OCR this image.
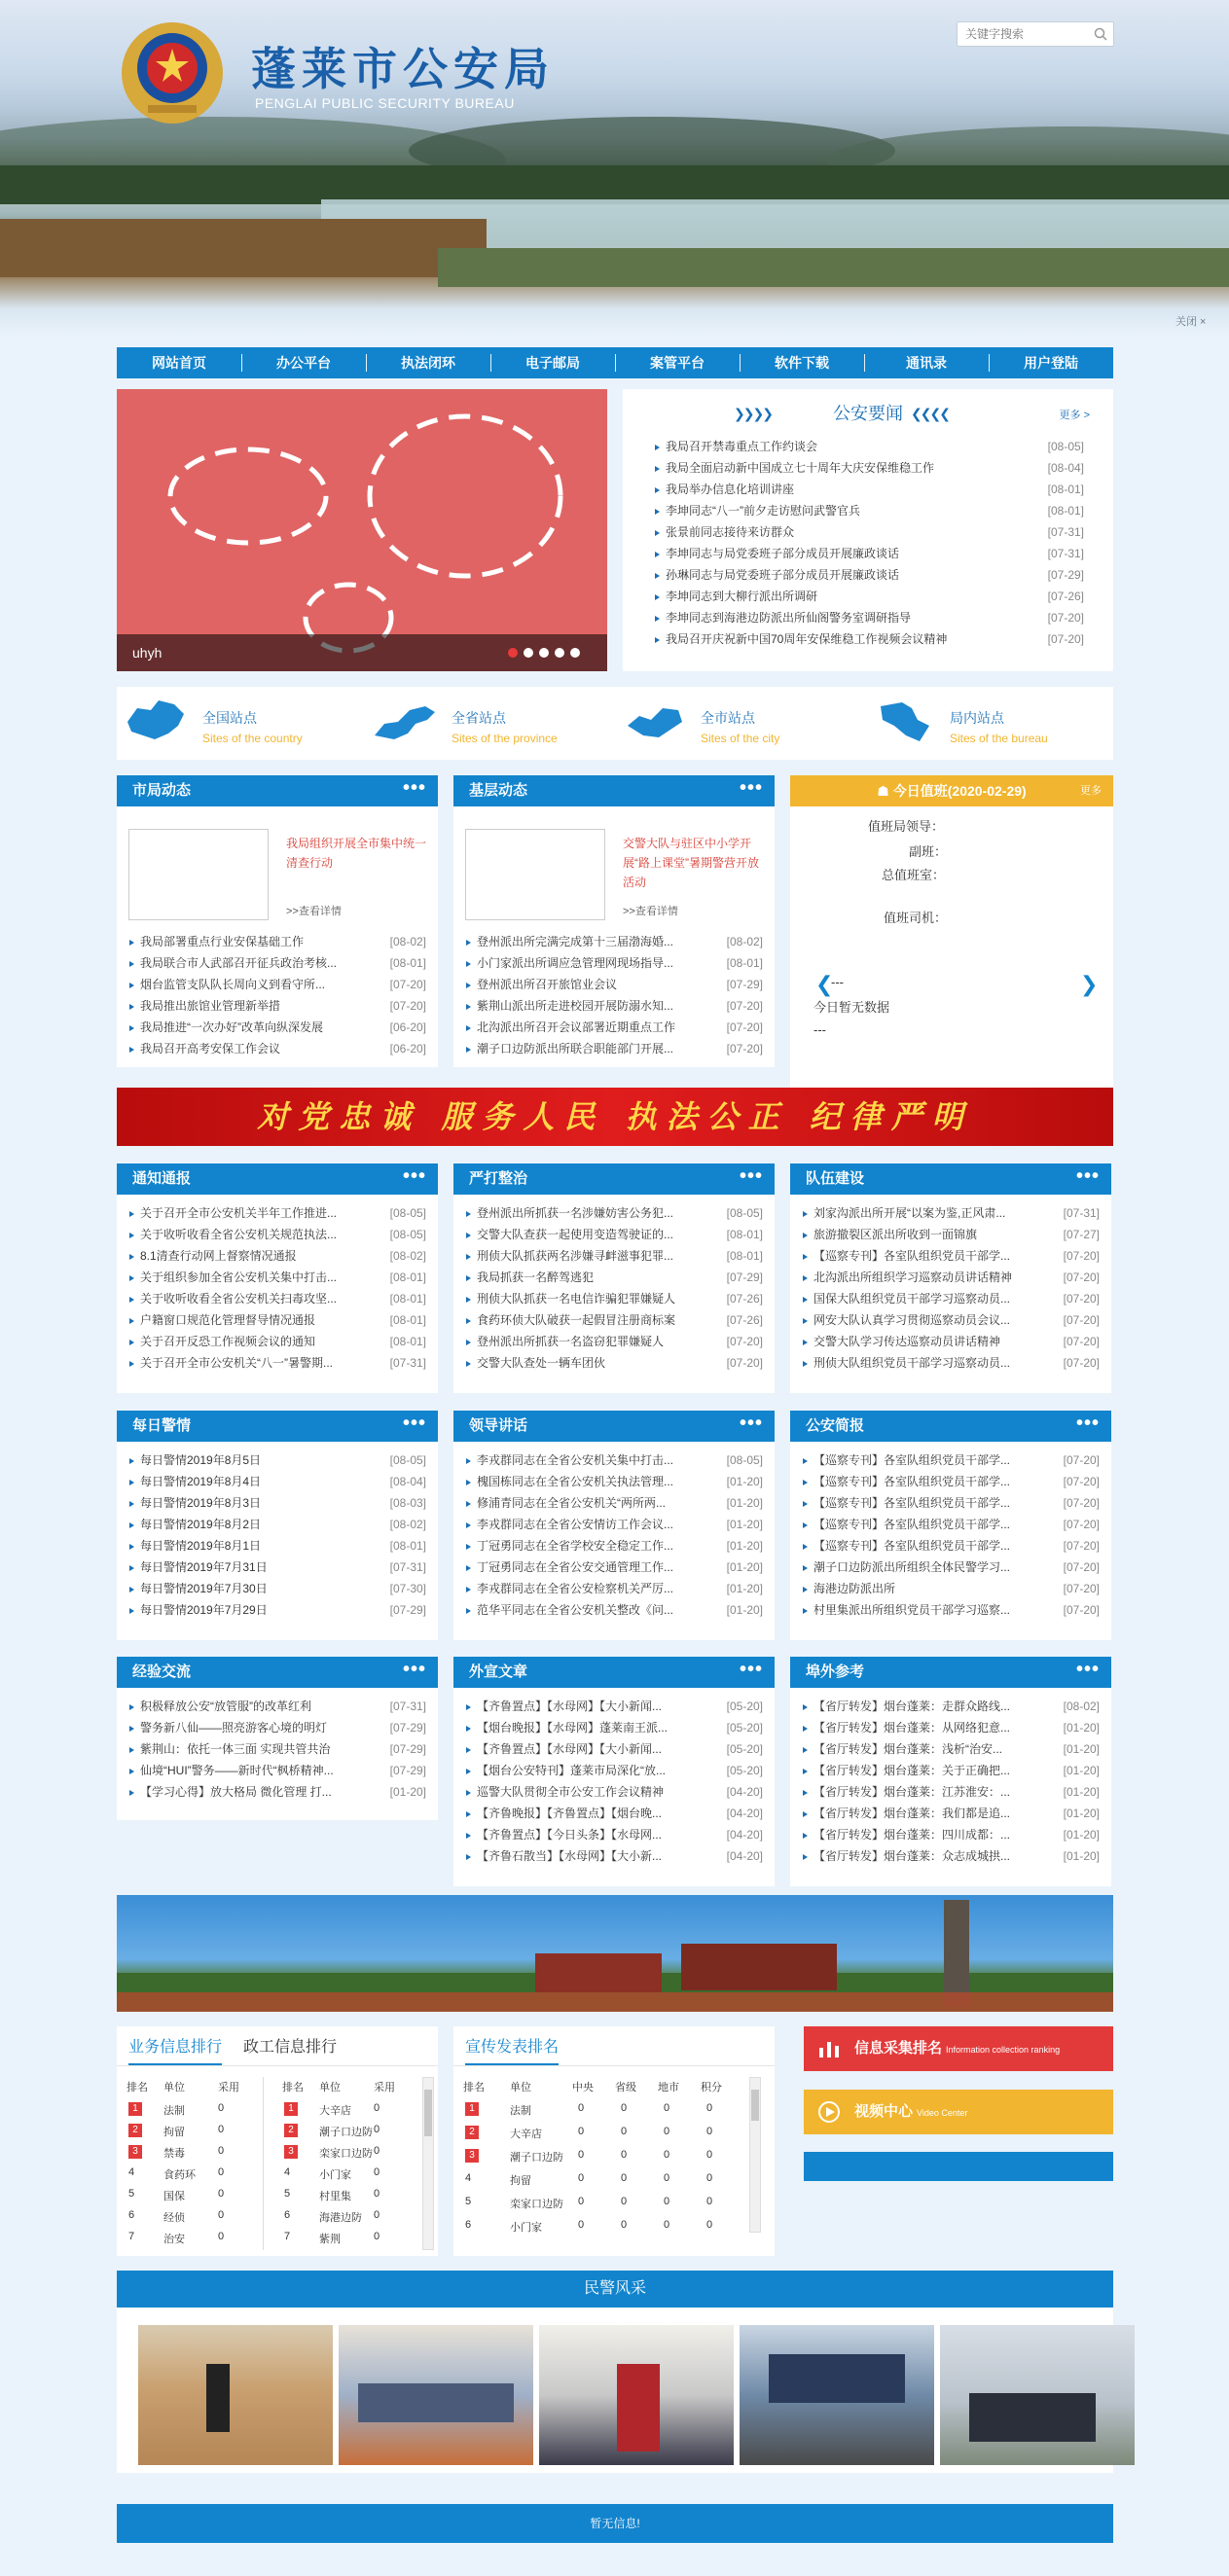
蓬莱市公安局
PENGLAI PUBLIC SECURITY BUREAU
关键字搜索
关闭 ×
网站首页	办公平台	执法闭环	电子邮局	案管平台	软件下载	通讯录	用户登陆
uhyh
❯❯❯❯	公安要闻 ❮❮❮❮	更多 >
我局召开禁毒重点工作约谈会	[08-05]
我局全面启动新中国成立七十周年大庆安保维稳工作	[08-04]
我局举办信息化培训讲座	[08-01]
李坤同志“八一”前夕走访慰问武警官兵	[08-01]
张景前同志接待来访群众	[07-31]
李坤同志与局党委班子部分成员开展廉政谈话	[07-31]
孙琳同志与局党委班子部分成员开展廉政谈话	[07-29]
李坤同志到大柳行派出所调研	[07-26]
李坤同志到海港边防派出所仙阁警务室调研指导	[07-20]
我局召开庆祝新中国70周年安保维稳工作视频会议精神	[07-20]
全国站点
Sites of the country
全省站点
Sites of the province
全市站点
Sites of the city
局内站点
Sites of the bureau
市局动态	•••
我局组织开展全市集中统一清查行动
>>查看详情
我局部署重点行业安保基础工作	[08-02]
我局联合市人武部召开征兵政治考核...	[08-01]
烟台监管支队队长周向义到看守所...	[07-20]
我局推出旅馆业管理新举措	[07-20]
我局推进“一次办好”改革向纵深发展	[06-20]
我局召开高考安保工作会议	[06-20]
基层动态	•••
交警大队与驻区中小学开展“路上课堂”暑期警营开放活动
>>查看详情
登州派出所完满完成第十三届渤海婚...	[08-02]
小门家派出所调应急管理网现场指导...	[08-01]
登州派出所召开旅馆业会议	[07-29]
紫荆山派出所走进校园开展防溺水知...	[07-20]
北沟派出所召开会议部署近期重点工作	[07-20]
潮子口边防派出所联合职能部门开展...	[07-20]
☗ 今日值班(2020-02-29)	更多
值班局领导：
副班：
总值班室：
值班司机：
❮	❯
---
今日暂无数据
---
对党忠诚 服务人民 执法公正 纪律严明
通知通报	•••
关于召开全市公安机关半年工作推进...	[08-05]
关于收听收看全省公安机关规范执法...	[08-05]
8.1清查行动网上督察情况通报	[08-02]
关于组织参加全省公安机关集中打击...	[08-01]
关于收听收看全省公安机关扫毒攻坚...	[08-01]
户籍窗口规范化管理督导情况通报	[08-01]
关于召开反恐工作视频会议的通知	[08-01]
关于召开全市公安机关“八一”暑警期...	[07-31]
严打整治	•••
登州派出所抓获一名涉嫌妨害公务犯...	[08-05]
交警大队查获一起使用变造驾驶证的...	[08-01]
刑侦大队抓获两名涉嫌寻衅滋事犯罪...	[08-01]
我局抓获一名醉驾逃犯	[07-29]
刑侦大队抓获一名电信诈骗犯罪嫌疑人	[07-26]
食药环侦大队破获一起假冒注册商标案	[07-26]
登州派出所抓获一名盗窃犯罪嫌疑人	[07-20]
交警大队查处一辆车团伙	[07-20]
队伍建设	•••
刘家沟派出所开展“以案为鉴,正风肃...	[07-31]
旅游撤裂区派出所收到一面锦旗	[07-27]
【巡察专刊】各室队组织党员干部学...	[07-20]
北沟派出所组织学习巡察动员讲话精神	[07-20]
国保大队组织党员干部学习巡察动员...	[07-20]
网安大队认真学习贯彻巡察动员会议...	[07-20]
交警大队学习传达巡察动员讲话精神	[07-20]
刑侦大队组织党员干部学习巡察动员...	[07-20]
每日警情	•••
每日警情2019年8月5日	[08-05]
每日警情2019年8月4日	[08-04]
每日警情2019年8月3日	[08-03]
每日警情2019年8月2日	[08-02]
每日警情2019年8月1日	[08-01]
每日警情2019年7月31日	[07-31]
每日警情2019年7月30日	[07-30]
每日警情2019年7月29日	[07-29]
领导讲话	•••
李戎群同志在全省公安机关集中打击...	[08-05]
槐国栋同志在全省公安机关执法管理...	[01-20]
修浦青同志在全省公安机关“两所两...	[01-20]
李戎群同志在全省公安情访工作会议...	[01-20]
丁冠勇同志在全省学校安全稳定工作...	[01-20]
丁冠勇同志在全省公安交通管理工作...	[01-20]
李戎群同志在全省公安检察机关严厉...	[01-20]
范华平同志在全省公安机关整改《问...	[01-20]
公安简报	•••
【巡察专刊】各室队组织党员干部学...	[07-20]
【巡察专刊】各室队组织党员干部学...	[07-20]
【巡察专刊】各室队组织党员干部学...	[07-20]
【巡察专刊】各室队组织党员干部学...	[07-20]
【巡察专刊】各室队组织党员干部学...	[07-20]
潮子口边防派出所组织全体民警学习...	[07-20]
海港边防派出所	[07-20]
村里集派出所组织党员干部学习巡察...	[07-20]
经验交流	•••
积极释放公安“放管服”的改革红利	[07-31]
警务新八仙——照亮游客心境的明灯	[07-29]
紫荆山：依托一体三面 实现共管共治	[07-29]
仙境“HUI”警务——新时代“枫桥精神...	[07-29]
【学习心得】放大格局 微化管理 打...	[01-20]
外宣文章	•••
【齐鲁置点】【水母网】【大小新闻...	[05-20]
【烟台晚报】【水母网】蓬莱南王派...	[05-20]
【齐鲁置点】【水母网】【大小新闻...	[05-20]
【烟台公安特刊】蓬莱市局深化“放...	[05-20]
巡警大队贯彻全市公安工作会议精神	[04-20]
【齐鲁晚报】【齐鲁置点】【烟台晚...	[04-20]
【齐鲁置点】【今日头条】【水母网...	[04-20]
【齐鲁石散当】【水母网】【大小新...	[04-20]
埠外参考	•••
【省厅转发】烟台蓬莱：走群众路线...	[08-02]
【省厅转发】烟台蓬莱：从网络犯意...	[01-20]
【省厅转发】烟台蓬莱：浅析“治安...	[01-20]
【省厅转发】烟台蓬莱：关于正确把...	[01-20]
【省厅转发】烟台蓬莱：江苏淮安：...	[01-20]
【省厅转发】烟台蓬莱：我们都是追...	[01-20]
【省厅转发】烟台蓬莱：四川成都：...	[01-20]
【省厅转发】烟台蓬莱：众志成城拱...	[01-20]
业务信息排行 政工信息排行
排名 单位	采用	排名 单位	采用
1	法制	0
2	拘留	0
3	禁毒	0
4	食药环 0
5	国保	0
6	经侦	0
7	治安	0
1	大辛店 0
2	潮子口边防 0
3	栾家口边防 0
4	小门家 0
5	村里集 0
6	海港边防 0
7	紫荆	0
宣传发表排名
排名 单位	中央 省级 地市 积分
1	法制	0	0	0	0
2	大辛店	0	0	0	0
3	潮子口边防 0	0	0	0
4	拘留	0	0	0	0
5	栾家口边防 0	0	0	0
6	小门家	0	0	0	0
信息采集排名 Information collection ranking
视频中心 Video Center
民警风采
暂无信息!
